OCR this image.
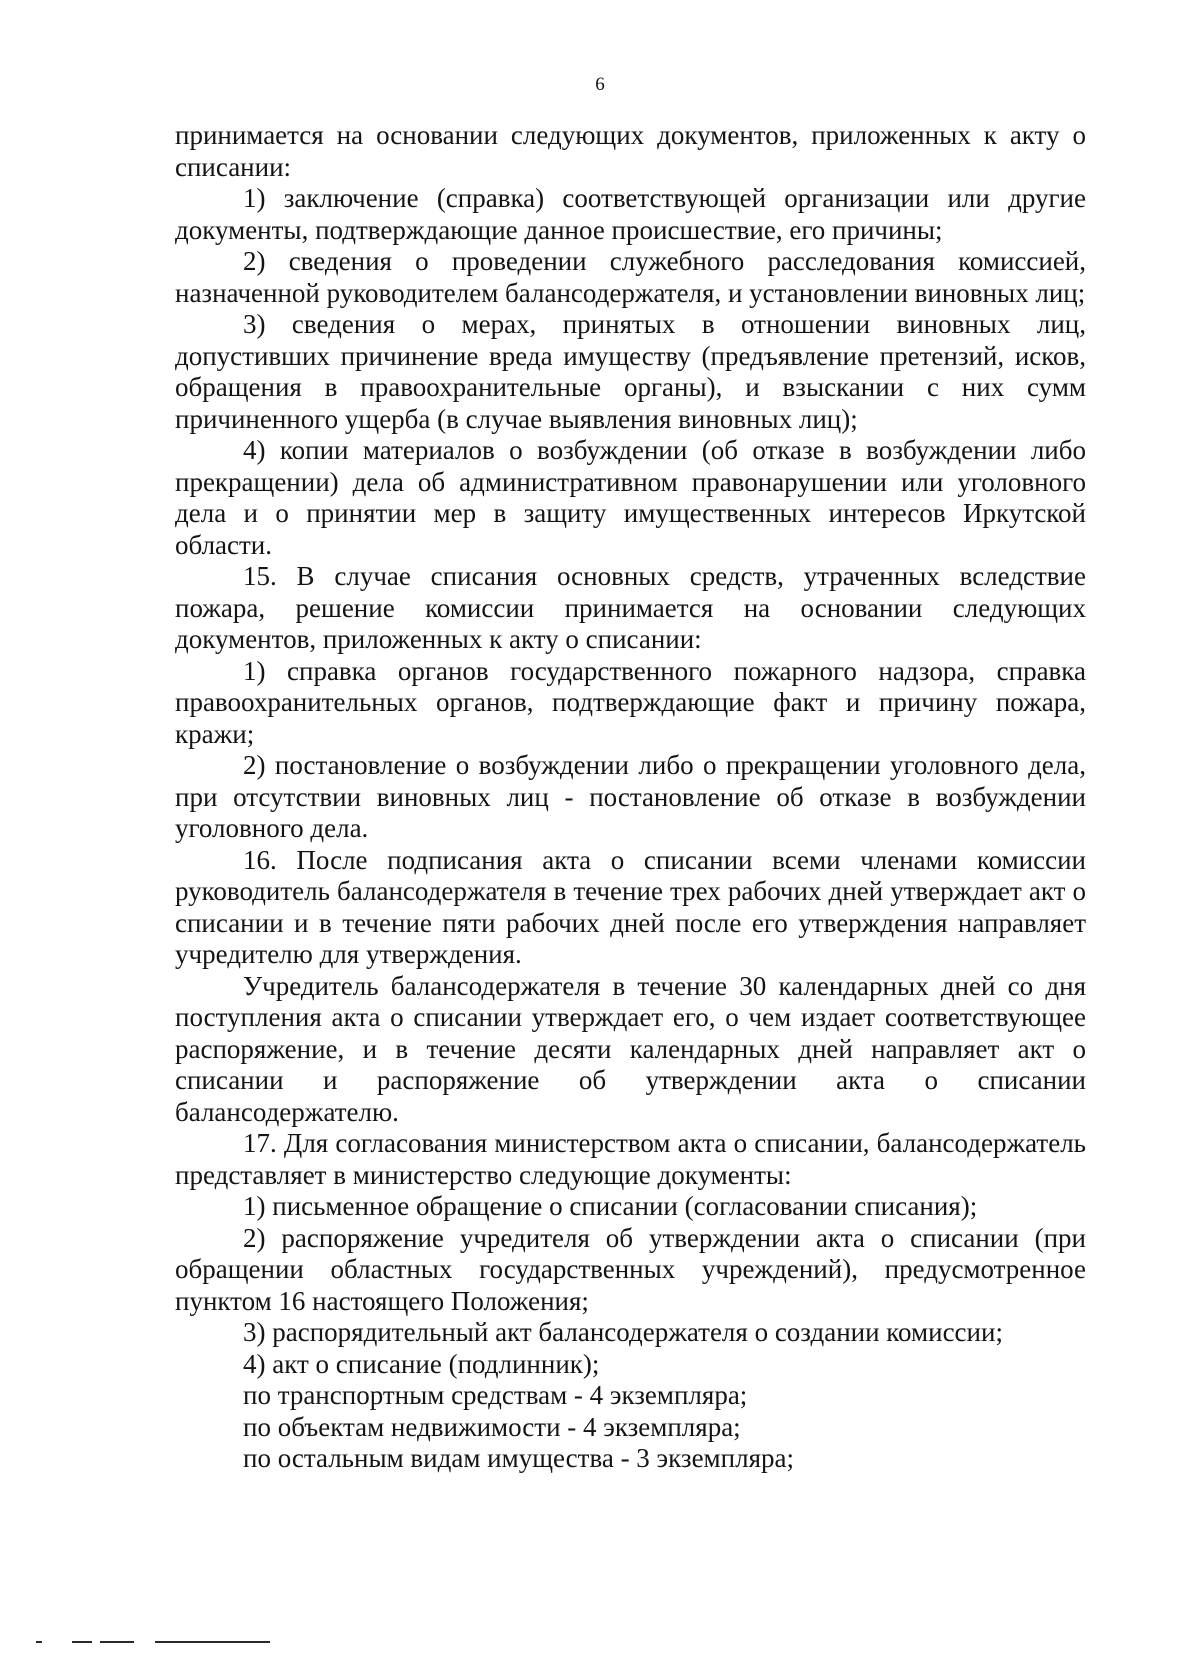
6

принимается на основании следующих документов, приложенных к акту о списании:

1) заключение (справка) соответствующей организации или другие документы, подтверждающие данное происшествие, его причины;

2) сведения о проведении служебного расследования комиссией, назначенной руководителем балансодержателя, и установлении виновных лиц;

3) сведения о мерах, принятых в отношении виновных лиц, допустивших причинение вреда имуществу (предъявление претензий, исков, обращения в правоохранительные органы), и взыскании с них сумм причиненного ущерба (в случае выявления виновных лиц);

4) копии материалов о возбуждении (об отказе в возбуждении либо прекращении) дела об административном правонарушении или уголовного дела и о принятии мер в защиту имущественных интересов Иркутской области.

15. В случае списания основных средств, утраченных вследствие пожара, решение комиссии принимается на основании следующих документов, приложенных к акту о списании:

1) справка органов государственного пожарного надзора, справка правоохранительных органов, подтверждающие факт и причину пожара, кражи;

2) постановление о возбуждении либо о прекращении уголовного дела, при отсутствии виновных лиц - постановление об отказе в возбуждении уголовного дела.

16. После подписания акта о списании всеми членами комиссии руководитель балансодержателя в течение трех рабочих дней утверждает акт о списании и в течение пяти рабочих дней после его утверждения направляет учредителю для утверждения.

Учредитель балансодержателя в течение 30 календарных дней со дня поступления акта о списании утверждает его, о чем издает соответствующее распоряжение, и в течение десяти календарных дней направляет акт о списании и распоряжение об утверждении акта о списании балансодержателю.

17. Для согласования министерством акта о списании, балансодержатель представляет в министерство следующие документы:

1) письменное обращение о списании (согласовании списания);

2) распоряжение учредителя об утверждении акта о списании (при обращении областных государственных учреждений), предусмотренное пунктом 16 настоящего Положения;

3) распорядительный акт балансодержателя о создании комиссии;

4) акт о списание (подлинник);

по транспортным средствам - 4 экземпляра;

по объектам недвижимости - 4 экземпляра;

по остальным видам имущества - 3 экземпляра;
